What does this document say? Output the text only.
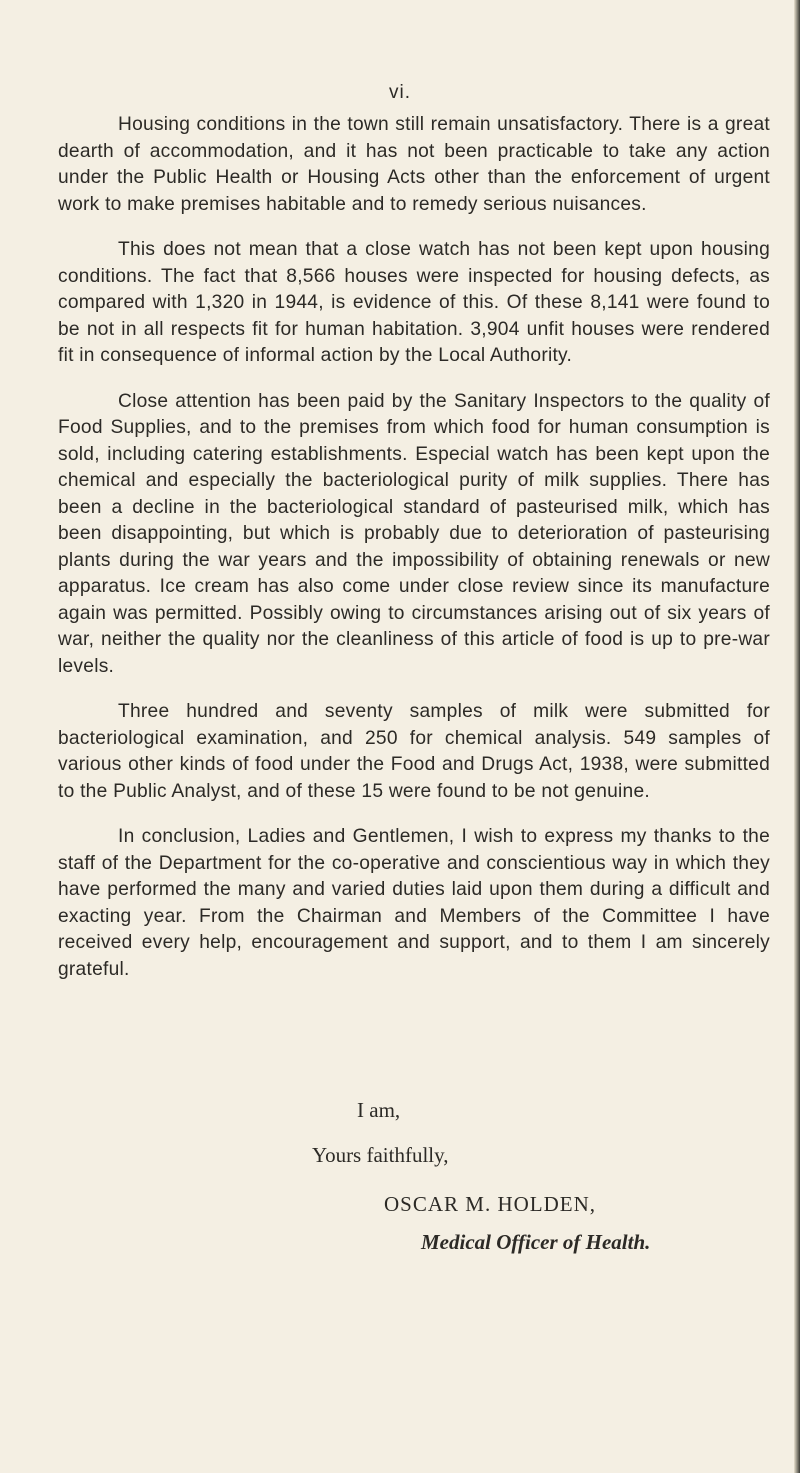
vi.

Housing conditions in the town still remain unsatisfactory. There is a great dearth of accommodation, and it has not been practicable to take any action under the Public Health or Housing Acts other than the enforcement of urgent work to make premises habitable and to remedy serious nuisances.

This does not mean that a close watch has not been kept upon housing conditions. The fact that 8,566 houses were inspected for housing defects, as compared with 1,320 in 1944, is evidence of this. Of these 8,141 were found to be not in all respects fit for human habitation. 3,904 unfit houses were rendered fit in consequence of informal action by the Local Authority.

Close attention has been paid by the Sanitary Inspectors to the quality of Food Supplies, and to the premises from which food for human consumption is sold, including catering establishments. Especial watch has been kept upon the chemical and especially the bacteriological purity of milk supplies. There has been a decline in the bacteriological standard of pasteurised milk, which has been disappointing, but which is probably due to deterioration of pasteurising plants during the war years and the impossibility of obtaining renewals or new apparatus. Ice cream has also come under close review since its manufacture again was permitted. Possibly owing to circumstances arising out of six years of war, neither the quality nor the cleanliness of this article of food is up to pre-war levels.

Three hundred and seventy samples of milk were submitted for bacteriological examination, and 250 for chemical analysis. 549 samples of various other kinds of food under the Food and Drugs Act, 1938, were submitted to the Public Analyst, and of these 15 were found to be not genuine.

In conclusion, Ladies and Gentlemen, I wish to express my thanks to the staff of the Department for the co-operative and conscientious way in which they have performed the many and varied duties laid upon them during a difficult and exacting year. From the Chairman and Members of the Committee I have received every help, encouragement and support, and to them I am sincerely grateful.

I am,
Yours faithfully,
OSCAR M. HOLDEN,
Medical Officer of Health.
